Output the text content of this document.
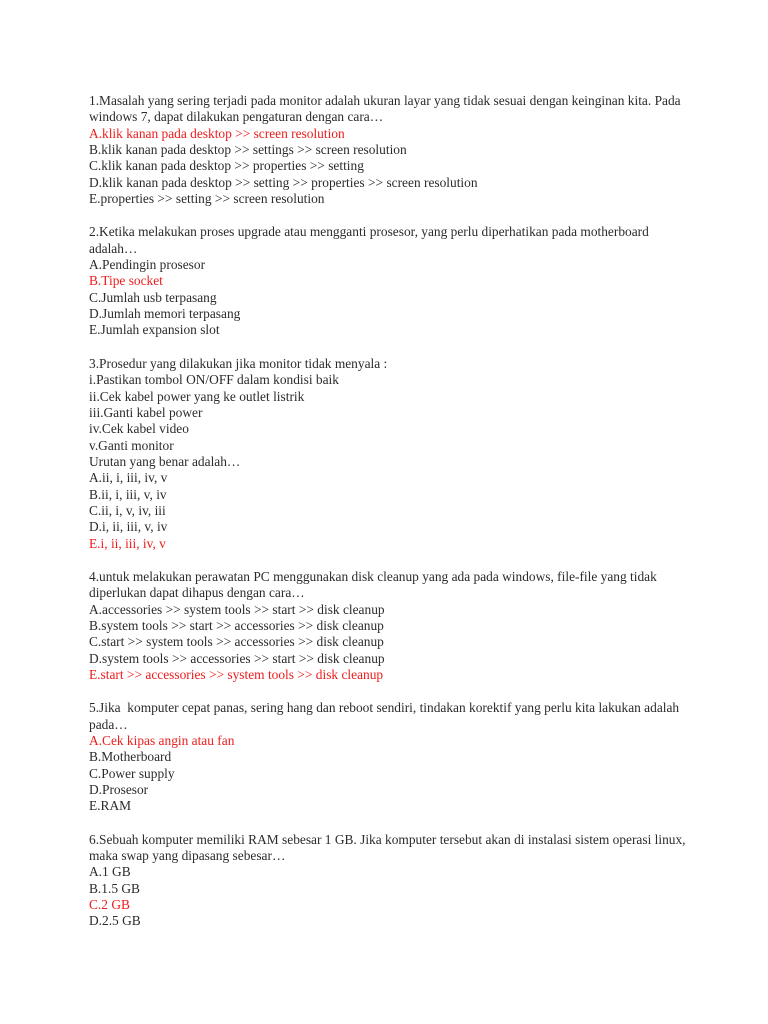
1.Masalah yang sering terjadi pada monitor adalah ukuran layar yang tidak sesuai dengan keinginan kita. Pada windows 7, dapat dilakukan pengaturan dengan cara…
A.klik kanan pada desktop >> screen resolution
B.klik kanan pada desktop >> settings >> screen resolution
C.klik kanan pada desktop >> properties >> setting
D.klik kanan pada desktop >> setting >> properties >> screen resolution
E.properties >> setting >> screen resolution
2.Ketika melakukan proses upgrade atau mengganti prosesor, yang perlu diperhatikan pada motherboard adalah…
A.Pendingin prosesor
B.Tipe socket
C.Jumlah usb terpasang
D.Jumlah memori terpasang
E.Jumlah expansion slot
3.Prosedur yang dilakukan jika monitor tidak menyala :
i.Pastikan tombol ON/OFF dalam kondisi baik
ii.Cek kabel power yang ke outlet listrik
iii.Ganti kabel power
iv.Cek kabel video
v.Ganti monitor
Urutan yang benar adalah…
A.ii, i, iii, iv, v
B.ii, i, iii, v, iv
C.ii, i, v, iv, iii
D.i, ii, iii, v, iv
E.i, ii, iii, iv, v
4.untuk melakukan perawatan PC menggunakan disk cleanup yang ada pada windows, file-file yang tidak diperlukan dapat dihapus dengan cara…
A.accessories >> system tools >> start >> disk cleanup
B.system tools >> start >> accessories >> disk cleanup
C.start >> system tools >> accessories >> disk cleanup
D.system tools >> accessories >> start >> disk cleanup
E.start >> accessories >> system tools >> disk cleanup
5.Jika  komputer cepat panas, sering hang dan reboot sendiri, tindakan korektif yang perlu kita lakukan adalah pada…
A.Cek kipas angin atau fan
B.Motherboard
C.Power supply
D.Prosesor
E.RAM
6.Sebuah komputer memiliki RAM sebesar 1 GB. Jika komputer tersebut akan di instalasi sistem operasi linux, maka swap yang dipasang sebesar…
A.1 GB
B.1.5 GB
C.2 GB
D.2.5 GB
